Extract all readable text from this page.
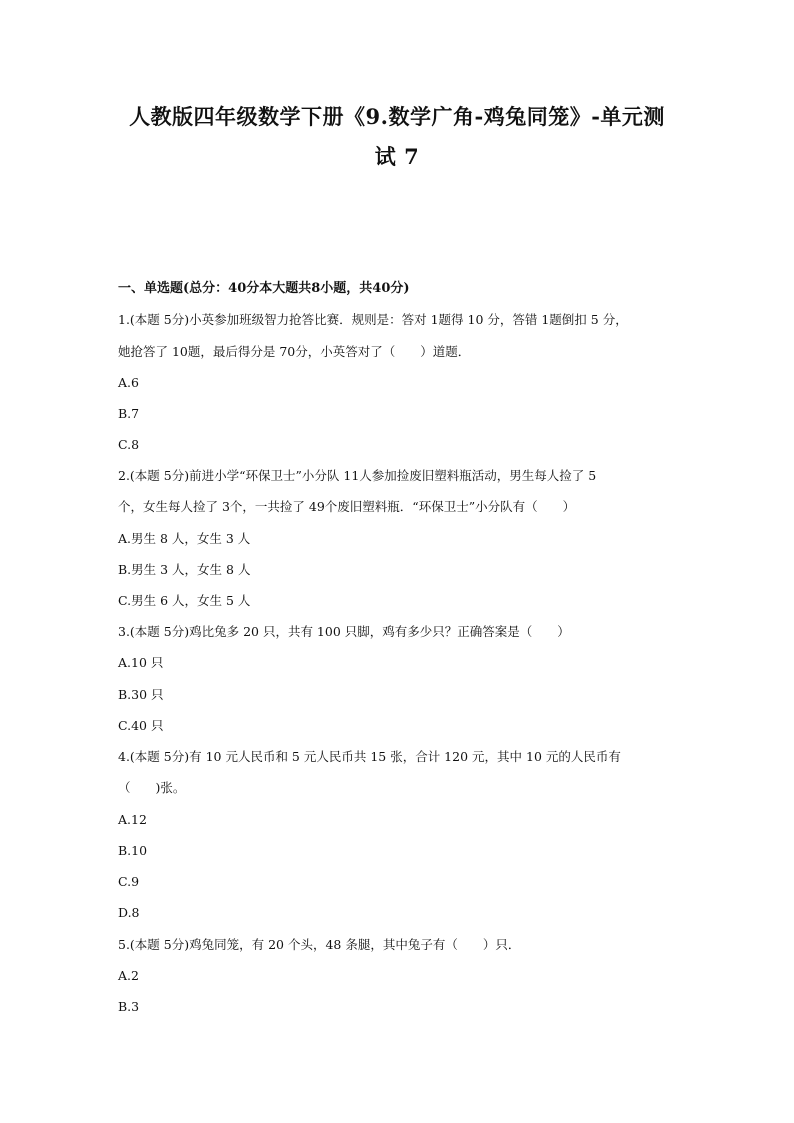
人教版四年级数学下册《9.数学广角-鸡兔同笼》-单元测
试 7
一、单选题(总分：40分本大题共8小题，共40分)
1.(本题 5分)小英参加班级智力抢答比赛．规则是：答对 1题得 10 分，答错 1题倒扣 5 分，
她抢答了 10题，最后得分是 70分，小英答对了（　　）道题．
A.6
B.7
C.8
2.(本题 5分)前进小学“环保卫士”小分队 11人参加捡废旧塑料瓶活动，男生每人捡了 5
个，女生每人捡了 3个，一共捡了 49个废旧塑料瓶．“环保卫士”小分队有（　　）
A.男生 8 人，女生 3 人
B.男生 3 人，女生 8 人
C.男生 6 人，女生 5 人
3.(本题 5分)鸡比兔多 20 只，共有 100 只脚，鸡有多少只？正确答案是（　　）
A.10 只
B.30 只
C.40 只
4.(本题 5分)有 10 元人民币和 5 元人民币共 15 张，合计 120 元，其中 10 元的人民币有
（　　)张。
A.12
B.10
C.9
D.8
5.(本题 5分)鸡兔同笼，有 20 个头，48 条腿，其中兔子有（　　）只．
A.2
B.3
